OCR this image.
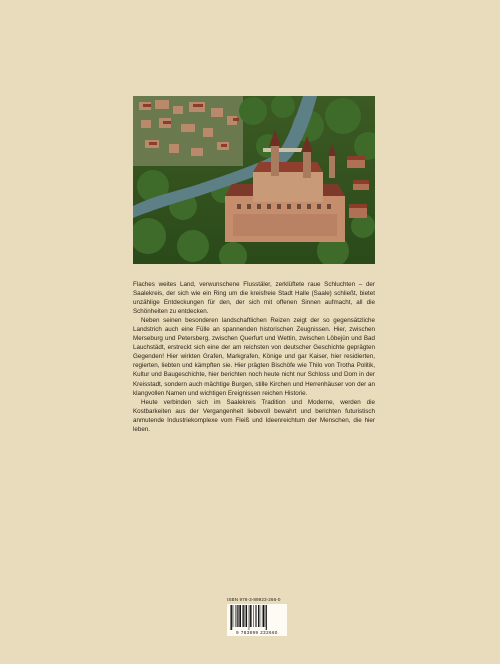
Flaches weites Land, verwunschene Flusstäler, zerklüftete raue Schluchten – der Saalekreis, der sich wie ein Ring um die kreisfreie Stadt Halle (Saale) schließt, bietet unzählige Entdeckungen für den, der sich mit offenen Sinnen aufmacht, all die Schönheiten zu entdecken.

Neben seinen besonderen landschaftlichen Reizen zeigt der so gegensätzliche Landstrich auch eine Fülle an spannenden historischen Zeugnissen. Hier, zwischen Merseburg und Petersberg, zwischen Querfurt und Wettin, zwischen Löbejün und Bad Lauchstädt, erstreckt sich eine der am reichsten von deutscher Geschichte geprägten Gegenden! Hier wirkten Grafen, Markgrafen, Könige und gar Kaiser, hier residierten, regierten, liebten und kämpften sie. Hier prägten Bischöfe wie Thilo von Trotha Politik, Kultur und Baugeschichte, hier berichten noch heute nicht nur Schloss und Dom in der Kreisstadt, sondern auch mächtige Burgen, stille Kirchen und Herrenhäuser von der an klangvollen Namen und wichtigen Ereignissen reichen Historie.

Heute verbinden sich im Saalekreis Tradition und Moderne, werden die Kostbarkeiten aus der Vergangenheit liebevoll bewahrt und berichten futuristisch anmutende Industriekomplexe vom Fleiß und Ideenreichtum der Menschen, die hier leben.

ISBN 978-3-89923-266-0
9 783899 232660
